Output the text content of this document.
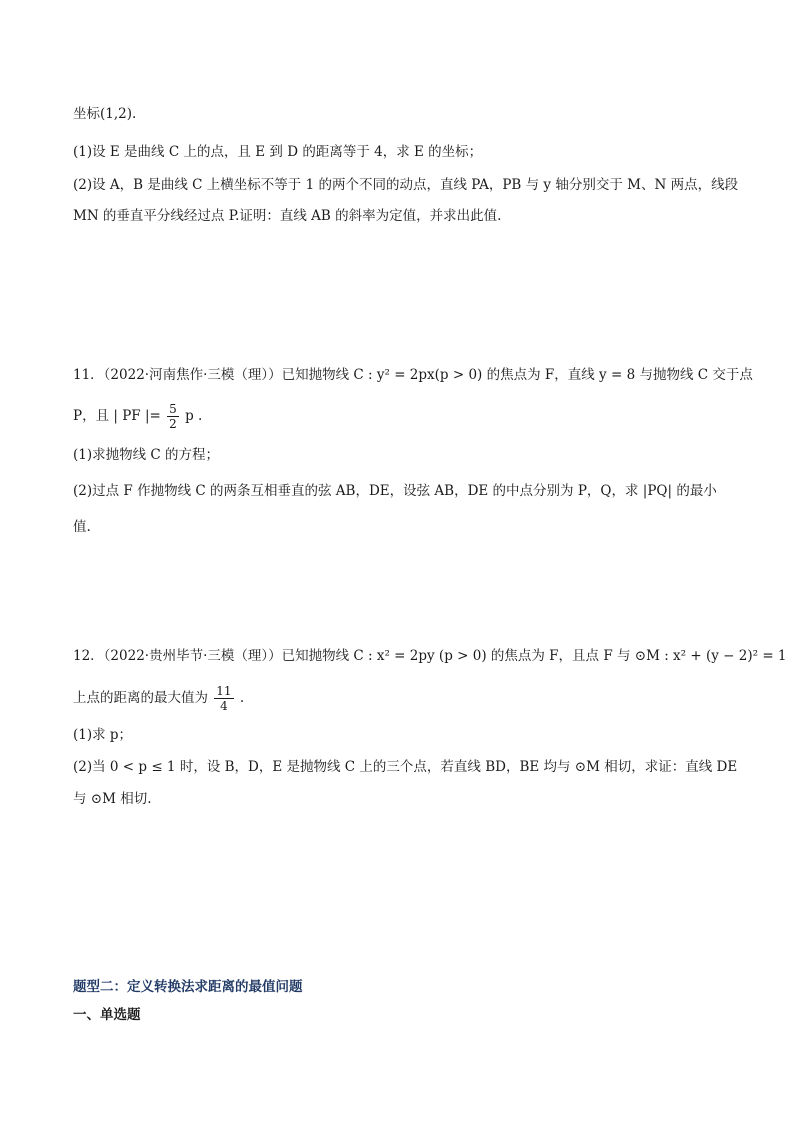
坐标(1,2).
(1)设 E 是曲线 C 上的点，且 E 到 D 的距离等于 4，求 E 的坐标；
(2)设 A，B 是曲线 C 上横坐标不等于 1 的两个不同的动点，直线 PA，PB 与 y 轴分别交于 M、N 两点，线段
MN 的垂直平分线经过点 P.证明：直线 AB 的斜率为定值，并求出此值.
11．（2022·河南焦作·三模（理））已知抛物线 C : y² = 2px(p > 0) 的焦点为 F，直线 y = 8 与抛物线 C 交于点
P，且 | PF |= $\frac{5}{2}$ p .
(1)求抛物线 C 的方程；
(2)过点 F 作抛物线 C 的两条互相垂直的弦 AB，DE，设弦 AB，DE 的中点分别为 P，Q，求 |PQ| 的最小
值.
12．（2022·贵州毕节·三模（理））已知抛物线 C : x² = 2py (p > 0) 的焦点为 F，且点 F 与 ⊙M : x² + (y − 2)² = 1
上点的距离的最大值为 $\frac{11}{4}$ .
(1)求 p；
(2)当 0 < p ≤ 1 时，设 B，D，E 是抛物线 C 上的三个点，若直线 BD，BE 均与 ⊙M 相切，求证：直线 DE
与 ⊙M 相切.
题型二：定义转换法求距离的最值问题
一、单选题
